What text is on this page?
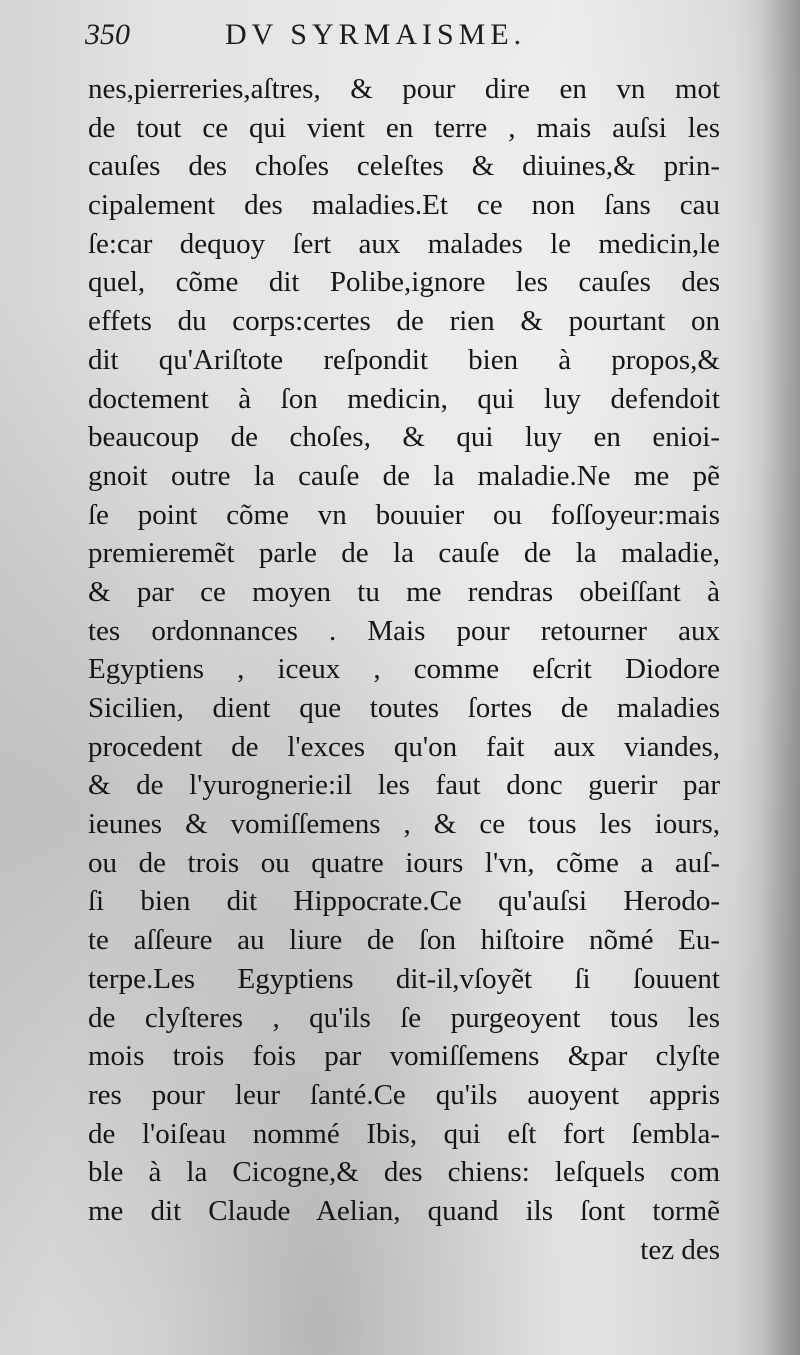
350	DV SYRMAISME.
nes,pierreries,aſtres, & pour dire en vn mot
de tout ce qui vient en terre , mais auſsi les
cauſes des choſes celeſtes & diuines,& prin-
cipalement des maladies.Et ce non ſans cau
ſe:car dequoy ſert aux malades le medicin,le
quel, cõme dit Polibe,ignore les cauſes des
effets du corps:certes de rien & pourtant on
dit qu'Ariſtote reſpondit bien à propos,&
doctement à ſon medicin, qui luy defendoit
beaucoup de choſes, & qui luy en enioi-
gnoit outre la cauſe de la maladie.Ne me pẽ
ſe point cõme vn bouuier ou foſſoyeur:mais
premieremẽt parle de la cauſe de la maladie,
& par ce moyen tu me rendras obeiſſant à
tes ordonnances . Mais pour retourner aux
Egyptiens , iceux , comme eſcrit Diodore
Sicilien, dient que toutes ſortes de maladies
procedent de l'exces qu'on fait aux viandes,
& de l'yurognerie:il les faut donc guerir par
ieunes & vomiſſemens , & ce tous les iours,
ou de trois ou quatre iours l'vn, cõme a auſ-
ſi bien dit Hippocrate.Ce qu'auſsi Herodo-
te aſſeure au liure de ſon hiſtoire nõmé Eu-
terpe.Les Egyptiens dit-il,vſoyẽt ſi ſouuent
de clyſteres , qu'ils ſe purgeoyent tous les
mois trois fois par vomiſſemens &par clyſte
res pour leur ſanté.Ce qu'ils auoyent appris
de l'oiſeau nommé Ibis, qui eſt fort ſembla-
ble à la Cicogne,& des chiens: leſquels com
me dit Claude Aelian, quand ils ſont tormẽ
tez des
